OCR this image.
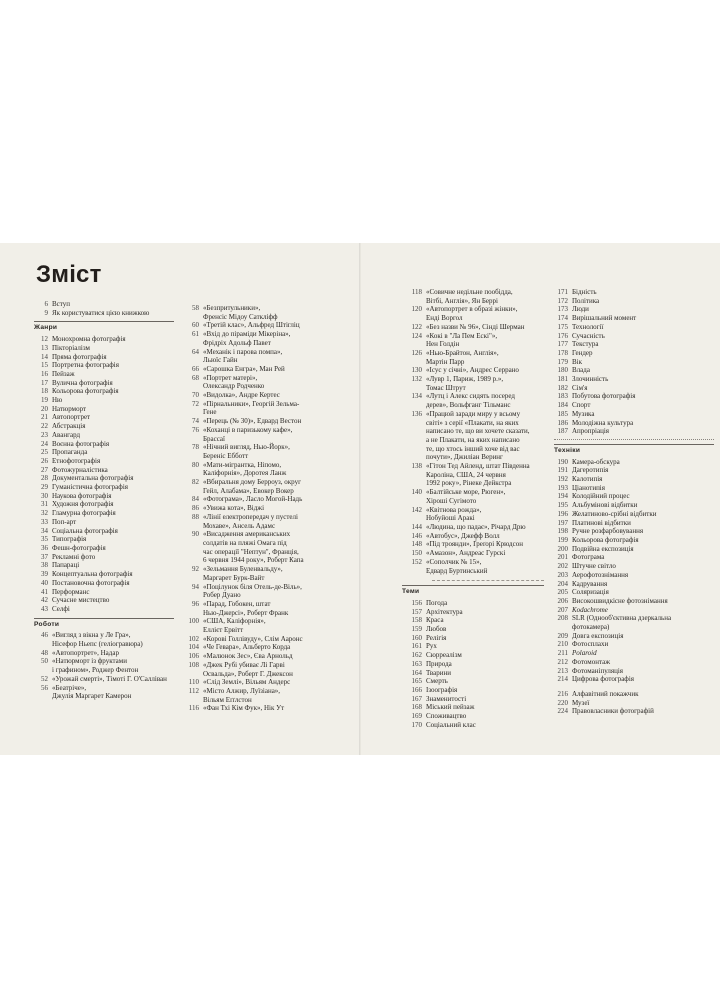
Зміст
6 Вступ
9 Як користуватися цією книжкою
Жанри
12 Монохромна фотографія
13 Пікторіалізм
14 Пряма фотографія
15 Портретна фотографія
16 Пейзаж
17 Вулична фотографія
18 Кольорова фотографія
19 Ню
20 Натюрморт
21 Автопортрет
22 Абстракція
23 Авангард
24 Воєнна фотографія
25 Пропаганда
26 Етнофотографія
27 Фотожурналістика
28 Документальна фотографія
29 Гуманістична фотографія
30 Наукова фотографія
31 Художня фотографія
32 Гламурна фотографія
33 Поп-арт
34 Соціальна фотографія
35 Типографія
36 Фешн-фотографія
37 Рекламні фото
38 Папараці
39 Концептуальна фотографія
40 Постановочна фотографія
41 Перформанс
42 Сучасне мистецтво
43 Селфі
Роботи
46 «Вигляд з вікна у Ле Гра»,
Нісефор Ньепс (геліогравюра)
48 «Автопортрет», Надар
50 «Натюрморт із фруктами
і графином», Роджер Фентон
52 «Урожай смерті», Тімоті Г. О'Салліван
56 «Беатріче»,
Джулія Маргарет Камерон
58 «Безпритульники»,
Френсіс Мідоу Сатклiфф
60 «Третій клас», Альфред Штігліц
61 «Вхід до піраміди Мікеріна»,
Фрідріх Адольф Павет
64 «Механік і парова помпа»,
Льюїс Гайн
66 «Сарошка Енгра», Ман Рей
68 «Портрет матері»,
Олександр Родченко
70 «Видолка», Андре Кертес
72 «Пірнальники», Георгій Зельма-
Гене
74 «Перець (№ 30)», Едвард Вестон
76 «Коханці в паризькому кафе»,
Брассаї
78 «Нічний вигляд, Нью-Йорк»,
Беренiс Ебботт
80 «Мати-мігрантка, Ніпомо,
Каліфорнія», Доротея Ланж
82 «Вбиральня дому Берроуз, округ
Гейл, Алабама», Евокер Вокер
84 «Фотограма», Ласло Могой-Надь
86 «Увижа кота», Віджі
88 «Лінії електропередач у пустелі
Мохаве», Ансель Адамс
90 «Висадження американських
солдатів на пляжі Омага під
час операції "Нептун", Франція,
6 червня 1944 року», Роберт Капа
92 «Зельмання Буленвальду»,
Маргарет Бурк-Вайт
94 «Поцілунок біля Отель-де-Віль»,
Робер Дуано
96 «Парад, Гобокен, штат
Нью-Джерсі», Роберт Франк
100 «США, Каліфорнія»,
Еллієт Ервітт
102 «Корові Голлівуду», Слім Ааронс
104 «Че Гевара», Альберто Корда
106 «Малюнок Зес», Єва Арнольд
108 «Джек Рубі убиває Лі Гарві
Освальда», Роберт Г. Джексон
110 «Слід Землі», Вільям Андерс
112 «Місто Алжир, Луїзіана»,
Вільям Еґґлстон
116 «Фан Тхі Кім Фук», Нік Ут
118 «Совичне недільне пообідда,
Вітбі, Англія», Ян Беррі
120 «Автопортрет в образі жінки»,
Енді Воргол
122 «Без назви № 96», Сінді Шерман
124 «Кокі в "Ла Пем Ескі"»,
Нен Голдін
126 «Нью-Брайтон, Англія»,
Мартін Парр
130 «Ісус у січні», Андрес Серрано
132 «Лувр 1, Париж, 1989 р.»,
Томас Штрут
134 «Лутц і Алекс сидять посеред
дерев», Вольфганг Тільманс
136 «Працюй заради миру у всьому
світі» з серії «Плакати, на яких
написано те, що ви хочете сказати,
а не Плакати, на яких написано
те, що хтось інший хоче від вас
почути», Джиліан Веринг
138 «Гітон Тед Айленд, штат Південна
Кароліна, США, 24 червня
1992 року», Рінеке Дейкстра
140 «Балтійське море, Рюген»,
Хіроші Сугімото
142 «Квітнова рожда»,
Нобуйоші Аракі
144 «Людина, що падає», Річард Дрю
146 «Автобус», Джефф Волл
148 «Під троянди», Ґреґорі Крюдсон
150 «Амазон», Андреас Гурскі
152 «Сополчик № 15»,
Едвард Буртинський
Теми
156 Погода
157 Архітектура
158 Краса
159 Любов
160 Релігія
161 Рух
162 Сюрреалізм
163 Природа
164 Тварини
165 Смерть
166 Ізоографія
167 Знаменитості
168 Міський пейзаж
169 Споживацтво
170 Соціальний клас
171 Бідність
172 Політика
173 Люди
174 Вирішальний момент
175 Технології
176 Сучасність
177 Текстура
178 Гендер
179 Вік
180 Влада
181 Злочинність
182 Сім'я
183 Побутова фотографія
184 Спорт
185 Музика
186 Молодіжна культура
187 Апропріація
Техніки
190 Камера-обскура
191 Дагеротипія
192 Калотипія
193 Ціанотипія
194 Колодійний процес
195 Альбумінові відбитки
196 Желатиново-срібні відбитки
197 Платинові відбитки
198 Ручне розфарбовування
199 Кольорова фотографія
200 Подвійна експозиція
201 Фотограма
202 Штучне світло
203 Аерофотознімання
204 Кадрування
205 Соляризація
206 Високошвидкісне фотознімання
207 Kodachrome
208 SLR (Однооб'єктивна дзеркальна
фотокамера)
209 Довга експозиція
210 Фотосплахи
211 Polaroid
212 Фотомонтаж
213 Фотоманіпуляція
214 Цифрова фотографія
216 Алфавітний покажчик
220 Музеї
224 Правовласники фотографій
